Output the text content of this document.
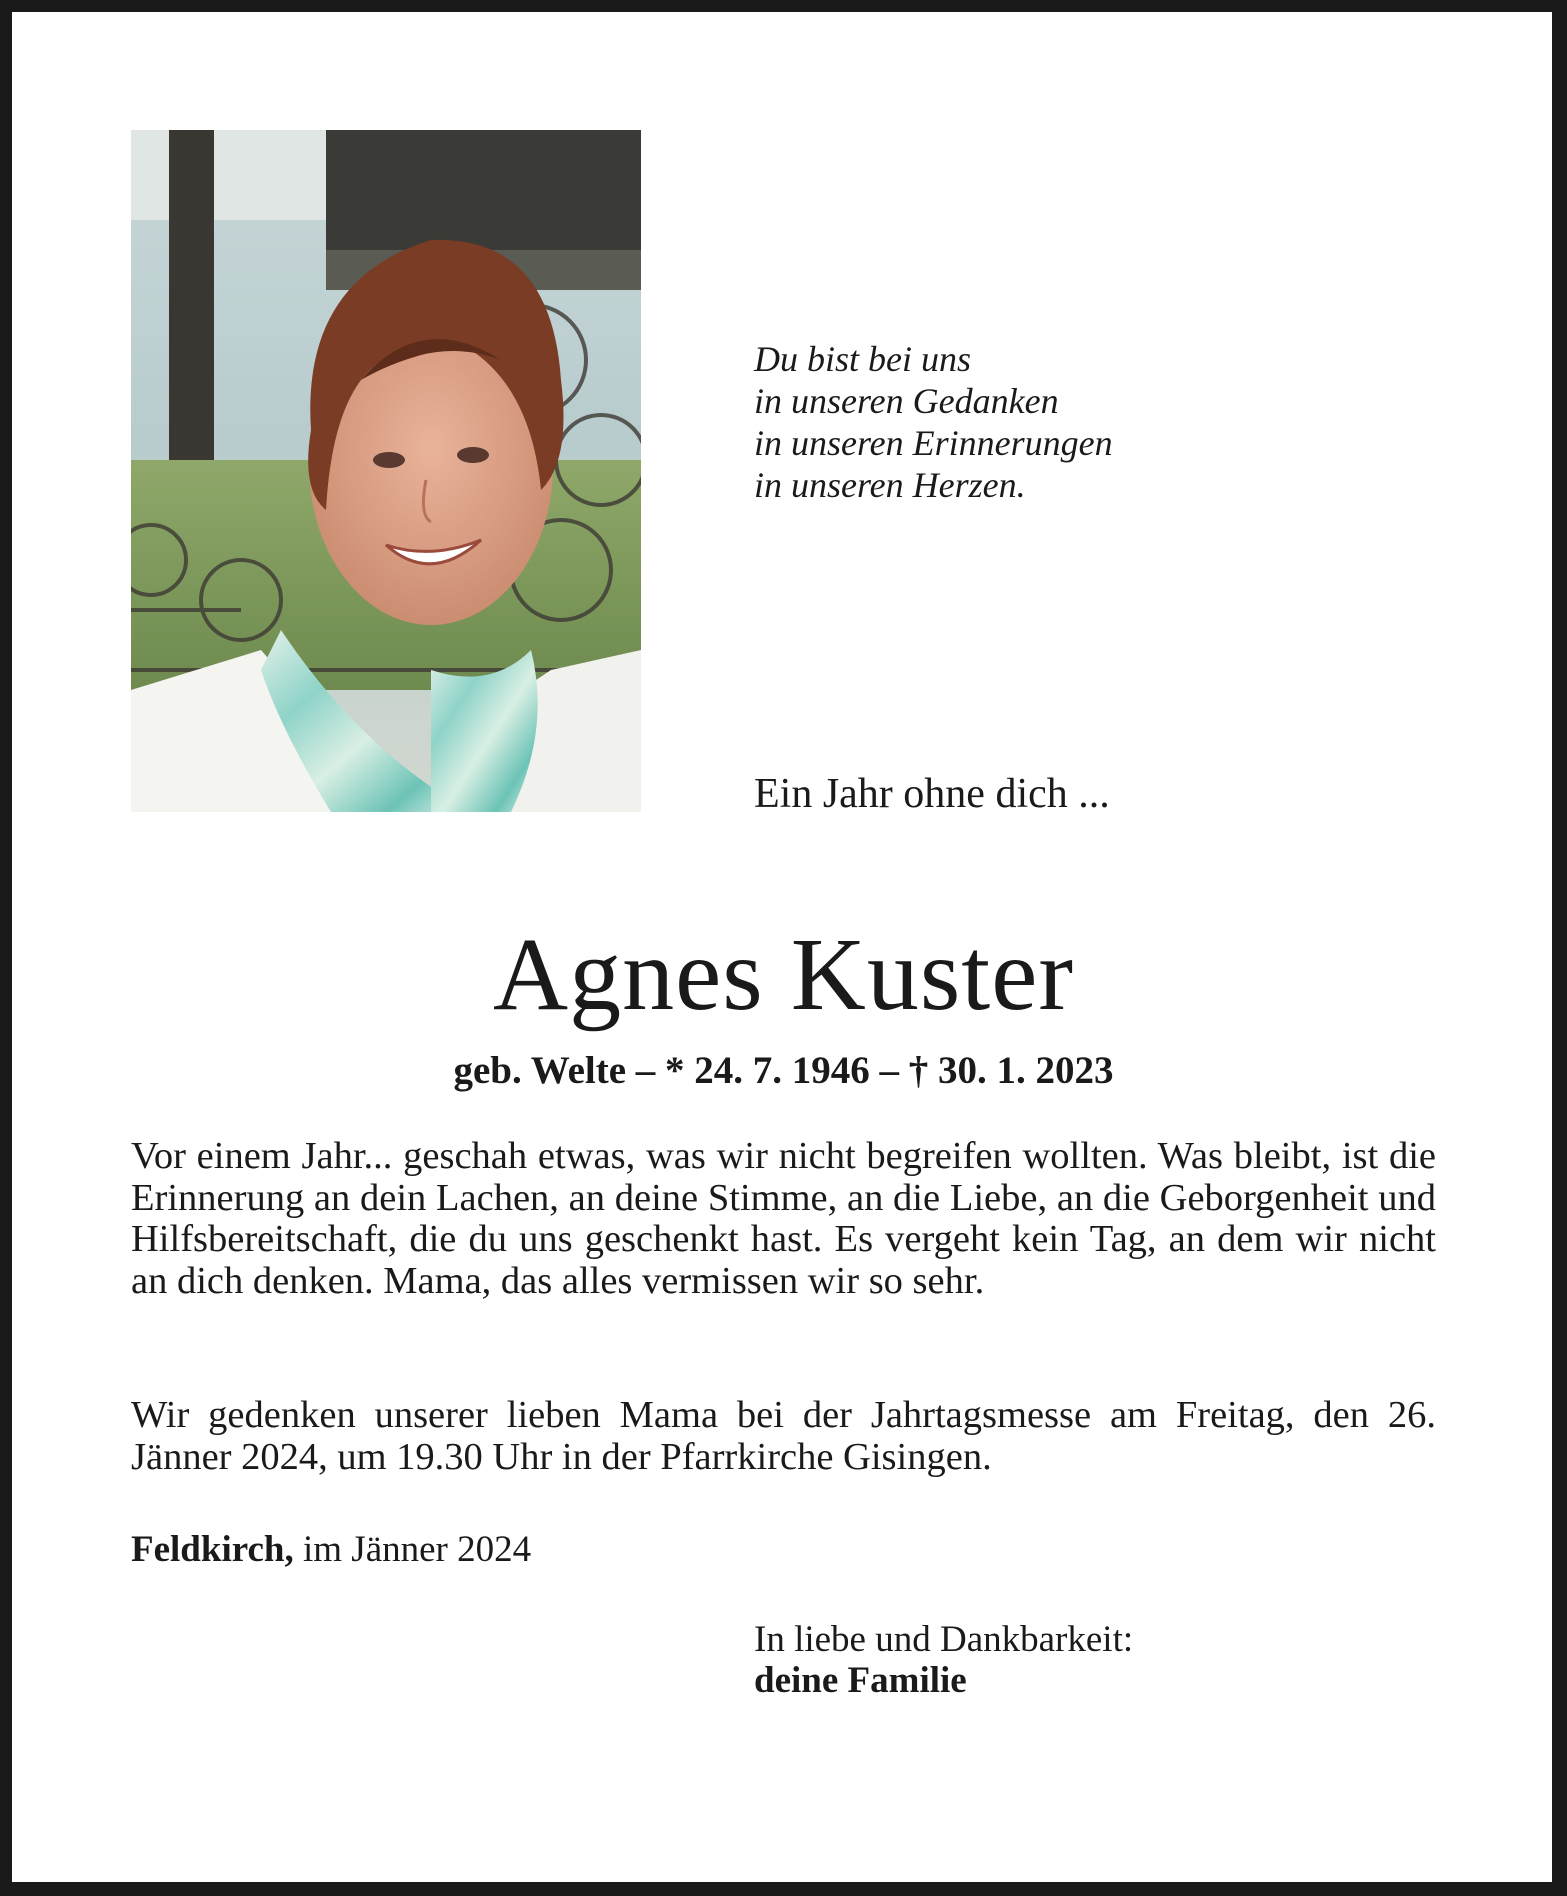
Du bist bei uns
in unseren Gedanken
in unseren Erinnerungen
in unseren Herzen.
Ein Jahr ohne dich ...
Agnes Kuster
geb. Welte – * 24. 7. 1946 – † 30. 1. 2023

Vor einem Jahr... geschah etwas, was wir nicht begreifen wollten. Was bleibt, ist die Erinnerung an dein Lachen, an deine Stimme, an die Liebe, an die Geborgenheit und Hilfsbereitschaft, die du uns geschenkt hast. Es vergeht kein Tag, an dem wir nicht an dich denken. Mama, das alles vermissen wir so sehr.

Wir gedenken unserer lieben Mama bei der Jahrtagsmesse am Freitag, den 26. Jänner 2024, um 19.30 Uhr in der Pfarrkirche Gisingen.

Feldkirch, im Jänner 2024
In liebe und Dankbarkeit:
deine Familie
